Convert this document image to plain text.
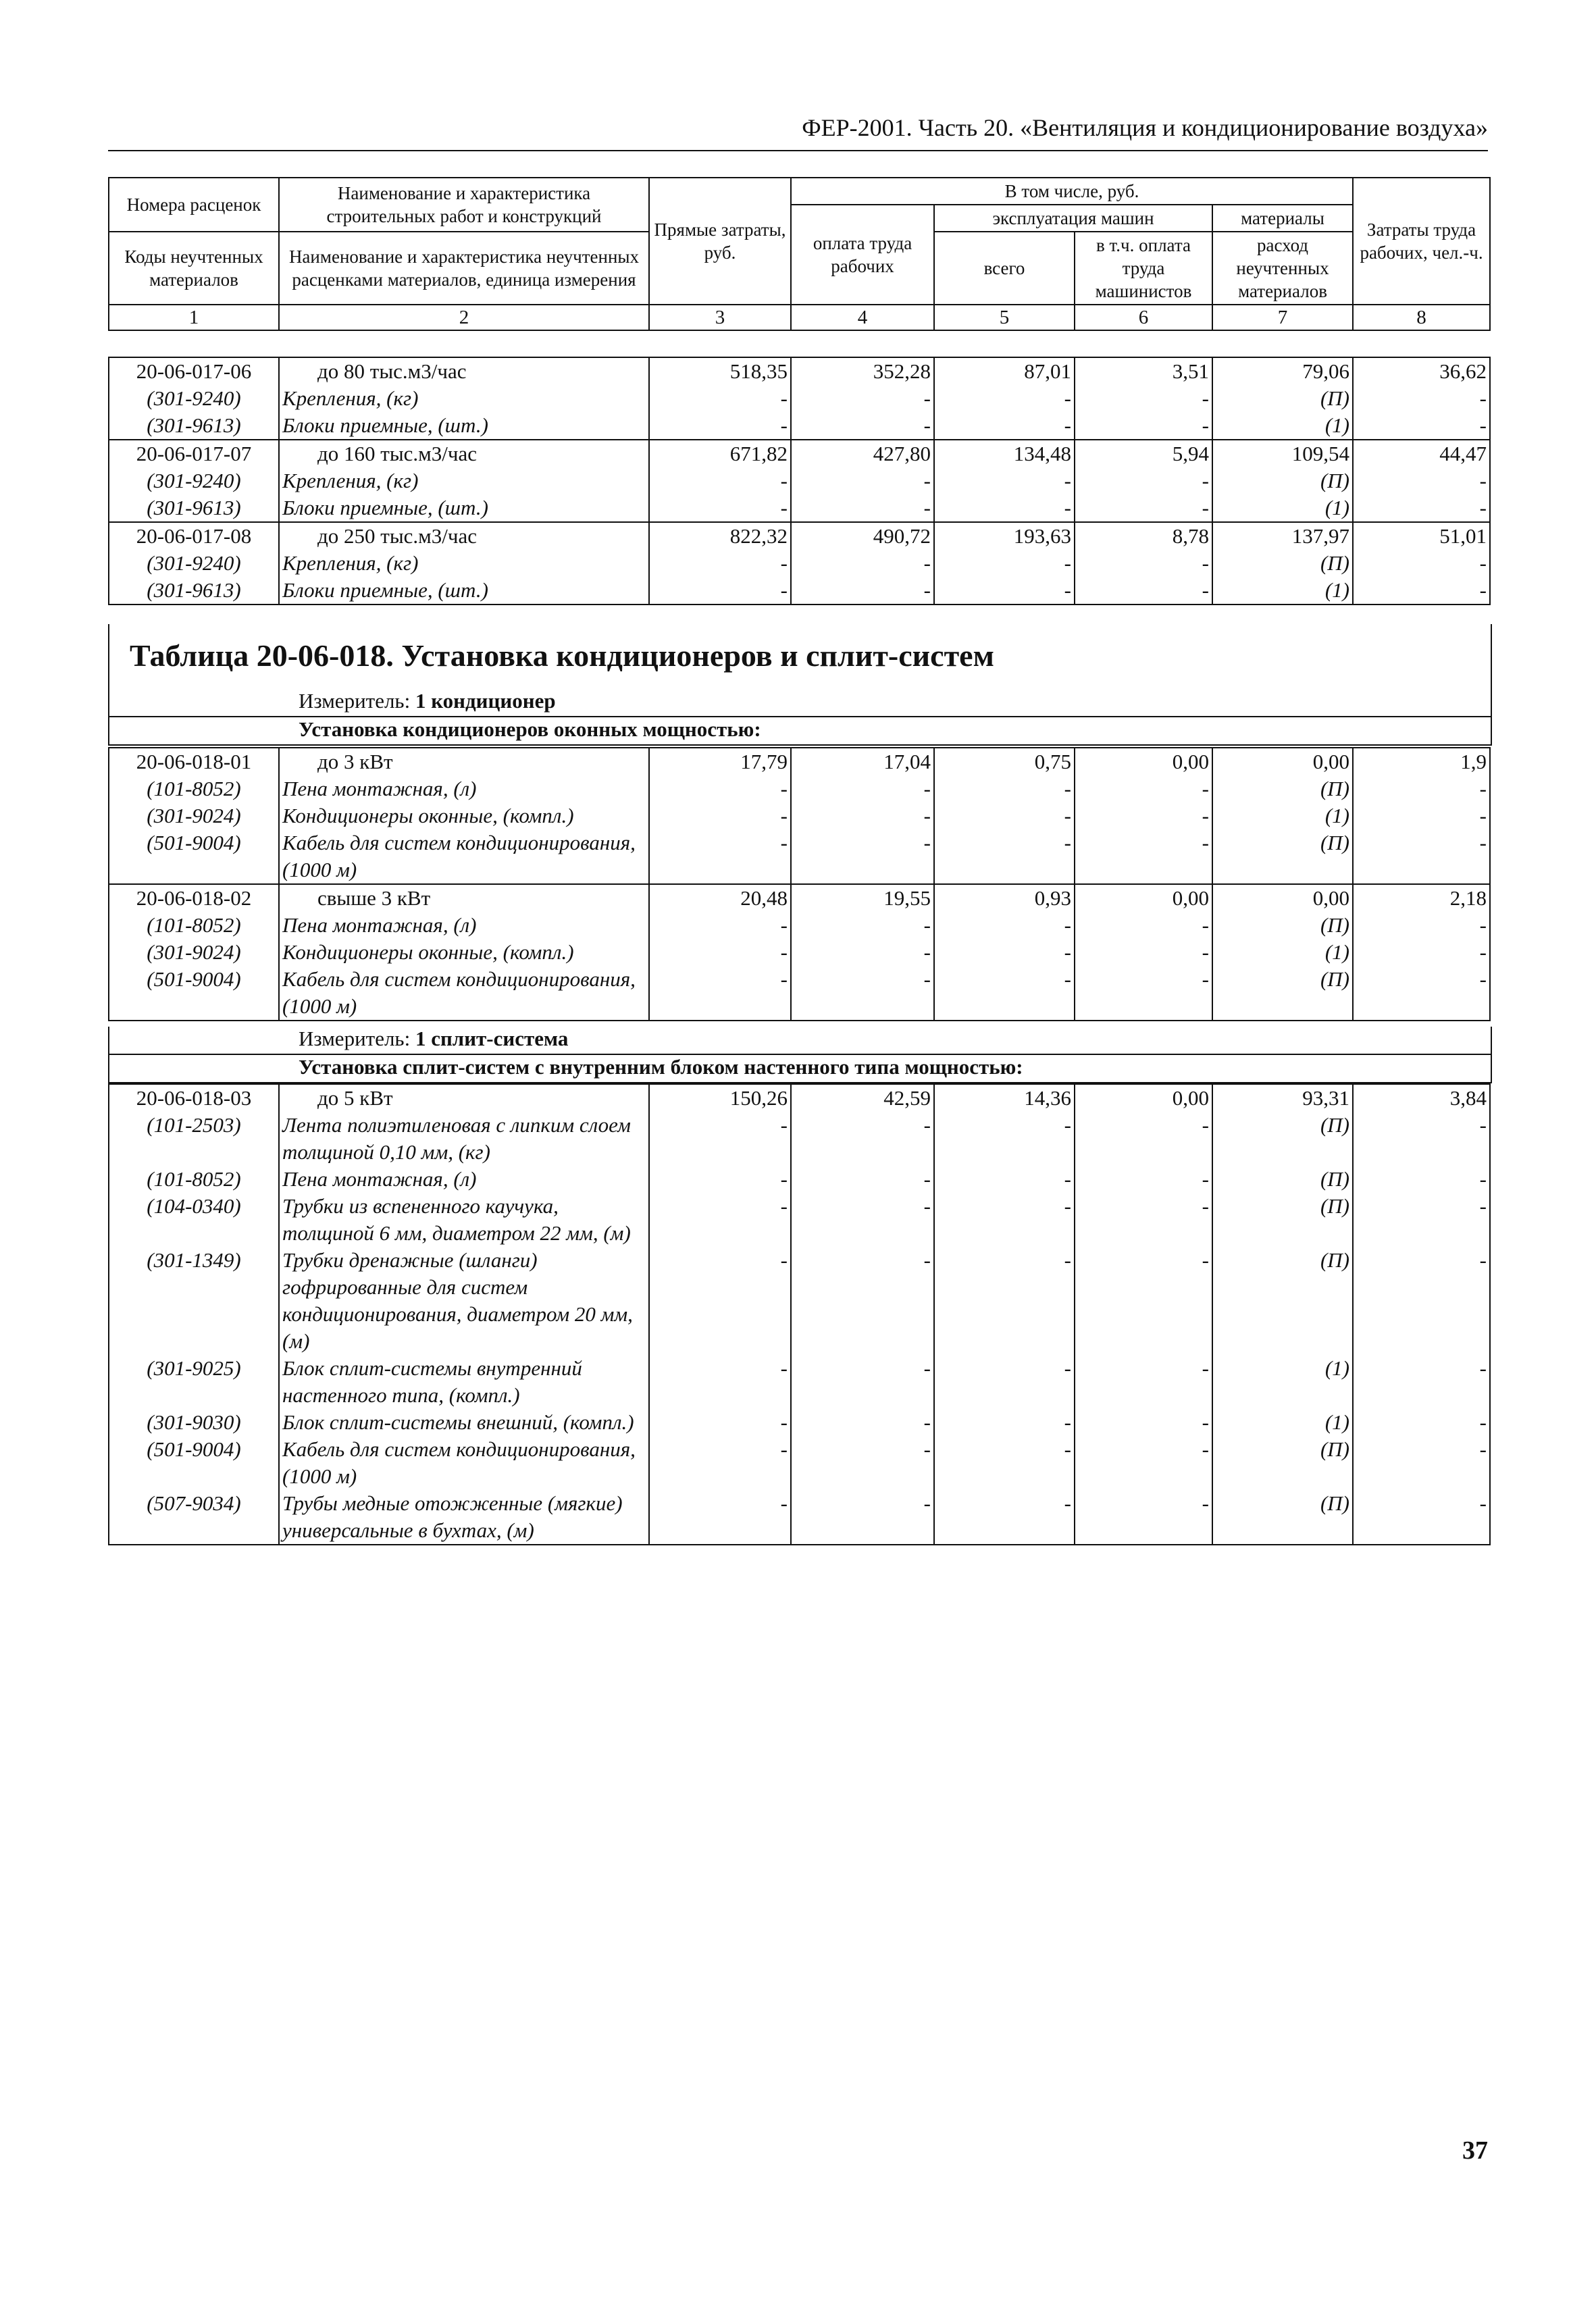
ФЕР-2001. Часть 20. «Вентиляция и кондиционирование воздуха»
Номера расценок	Наименование и характеристика строительных работ и конструкций	Прямые затраты, руб.	В том числе, руб.				Затраты труда рабочих, чел.-ч.
			оплата труда рабочих	эксплуатация машин		материалы	
Коды неучтенных материалов	Наименование и характеристика неучтенных расценками материалов, единица измерения			всего	в т.ч. оплата труда машинистов	расход неучтенных материалов	

1	2	3	4	5	6	7	8
20-06-017-06	до 80 тыс.м3/час	518,35	352,28	87,01	3,51	79,06	36,62
(301-9240)	Крепления, (кг)	-	-	-	-	(П)	-
(301-9613)	Блоки приемные, (шт.)	-	-	-	-	(1)	-
20-06-017-07	до 160 тыс.м3/час	671,82	427,80	134,48	5,94	109,54	44,47
(301-9240)	Крепления, (кг)	-	-	-	-	(П)	-
(301-9613)	Блоки приемные, (шт.)	-	-	-	-	(1)	-
20-06-017-08	до 250 тыс.м3/час	822,32	490,72	193,63	8,78	137,97	51,01
(301-9240)	Крепления, (кг)	-	-	-	-	(П)	-
(301-9613)	Блоки приемные, (шт.)	-	-	-	-	(1)	-
Таблица 20-06-018. Установка кондиционеров и сплит-систем
Измеритель: 1 кондиционер
Установка кондиционеров оконных мощностью:
20-06-018-01	до 3 кВт	17,79	17,04	0,75	0,00	0,00	1,9
(101-8052)	Пена монтажная, (л)	-	-	-	-	(П)	-
(301-9024)	Кондиционеры оконные, (компл.)	-	-	-	-	(1)	-
(501-9004)	Кабель для систем кондиционирования, (1000 м)	-	-	-	-	(П)	-
20-06-018-02	свыше 3 кВт	20,48	19,55	0,93	0,00	0,00	2,18
(101-8052)	Пена монтажная, (л)	-	-	-	-	(П)	-
(301-9024)	Кондиционеры оконные, (компл.)	-	-	-	-	(1)	-
(501-9004)	Кабель для систем кондиционирования, (1000 м)	-	-	-	-	(П)	-
Измеритель: 1 сплит-система
Установка сплит-систем с внутренним блоком настенного типа мощностью:
20-06-018-03	до 5 кВт	150,26	42,59	14,36	0,00	93,31	3,84
(101-2503)	Лента полиэтиленовая с липким слоем толщиной 0,10 мм, (кг)	-	-	-	-	(П)	-
(101-8052)	Пена монтажная, (л)	-	-	-	-	(П)	-
(104-0340)	Трубки из вспененного каучука, толщиной 6 мм, диаметром 22 мм, (м)	-	-	-	-	(П)	-
(301-1349)	Трубки дренажные (шланги) гофрированные для систем кондиционирования, диаметром 20 мм, (м)	-	-	-	-	(П)	-
(301-9025)	Блок сплит-системы внутренний настенного типа, (компл.)	-	-	-	-	(1)	-
(301-9030)	Блок сплит-системы внешний, (компл.)	-	-	-	-	(1)	-
(501-9004)	Кабель для систем кондиционирования, (1000 м)	-	-	-	-	(П)	-
(507-9034)	Трубы медные отожженные (мягкие) универсальные в бухтах, (м)	-	-	-	-	(П)	-
37
